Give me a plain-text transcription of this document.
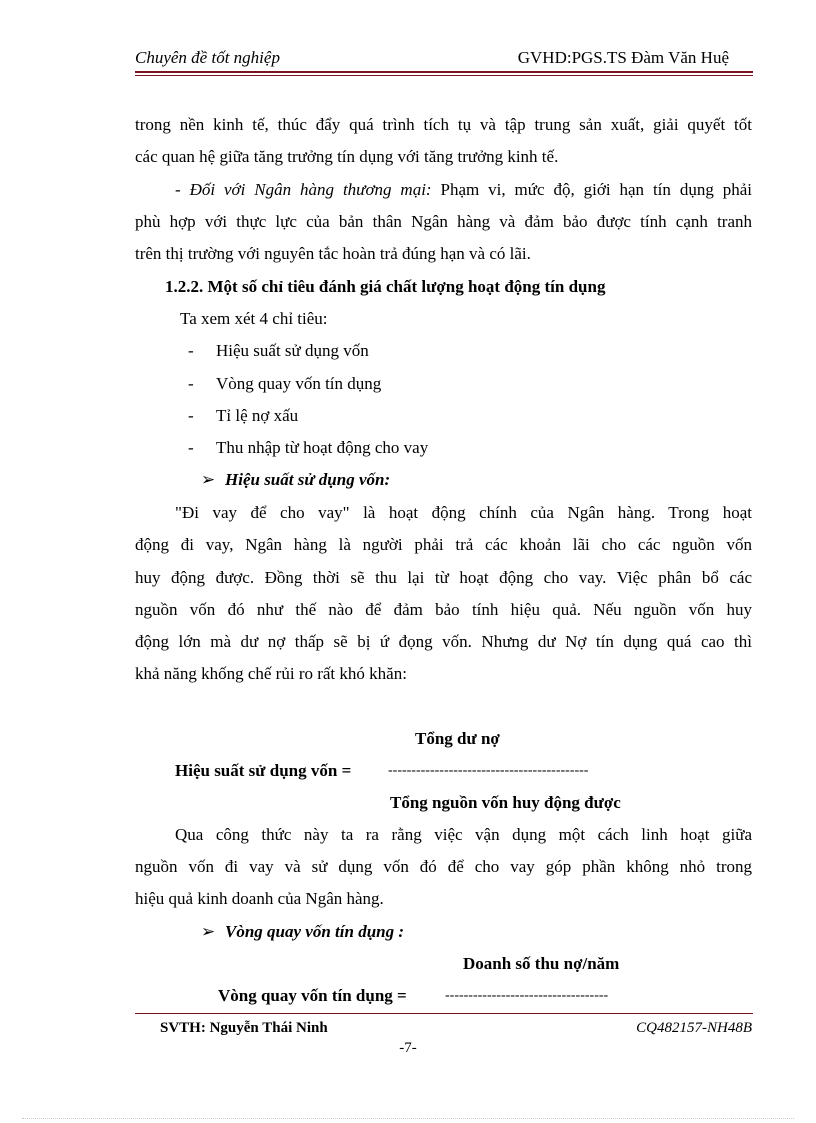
Chuyên đề tốt nghiệp	GVHD:PGS.TS Đàm Văn Huệ
trong nền kinh tế, thúc đẩy quá trình tích tụ và tập trung sản xuất, giải quyết tốt
các quan hệ giữa tăng trưởng tín dụng với tăng trưởng kinh tế.
- Đối với Ngân hàng thương mại: Phạm vi, mức độ, giới hạn tín dụng phải
phù hợp với thực lực của bản thân Ngân hàng và đảm bảo được tính cạnh tranh
trên thị trường với nguyên tắc hoàn trả đúng hạn và có lãi.
1.2.2. Một số chỉ tiêu đánh giá chất lượng hoạt động tín dụng
Ta xem xét 4 chỉ tiêu:
- Hiệu suất sử dụng vốn
- Vòng quay vốn tín dụng
- Tỉ lệ nợ xấu
- Thu nhập từ hoạt động cho vay
➢ Hiệu suất sử dụng vốn:
"Đi vay để cho vay" là hoạt động chính của Ngân hàng. Trong hoạt
động đi vay, Ngân hàng là người phải trả các khoản lãi cho các nguồn vốn
huy động được. Đồng thời sẽ thu lại từ hoạt động cho vay. Việc phân bổ các
nguồn vốn đó như thế nào để đảm bảo tính hiệu quả. Nếu nguồn vốn huy
động lớn mà dư nợ thấp sẽ bị ứ đọng vốn. Nhưng dư Nợ tín dụng quá cao thì
khả năng khống chế rủi ro rất khó khăn:
Tổng dư nợ
Hiệu suất sử dụng vốn =	-------------------------------------------
Tổng nguồn vốn huy động được
Qua công thức này ta ra rằng việc vận dụng một cách linh hoạt giữa
nguồn vốn đi vay và sử dụng vốn đó để cho vay góp phần không nhỏ trong
hiệu quả kinh doanh của Ngân hàng.
➢ Vòng quay vốn tín dụng :
Doanh số thu nợ/năm
Vòng quay vốn tín dụng =	-----------------------------------
SVTH: Nguyễn Thái Ninh	CQ482157-NH48B
-7-
